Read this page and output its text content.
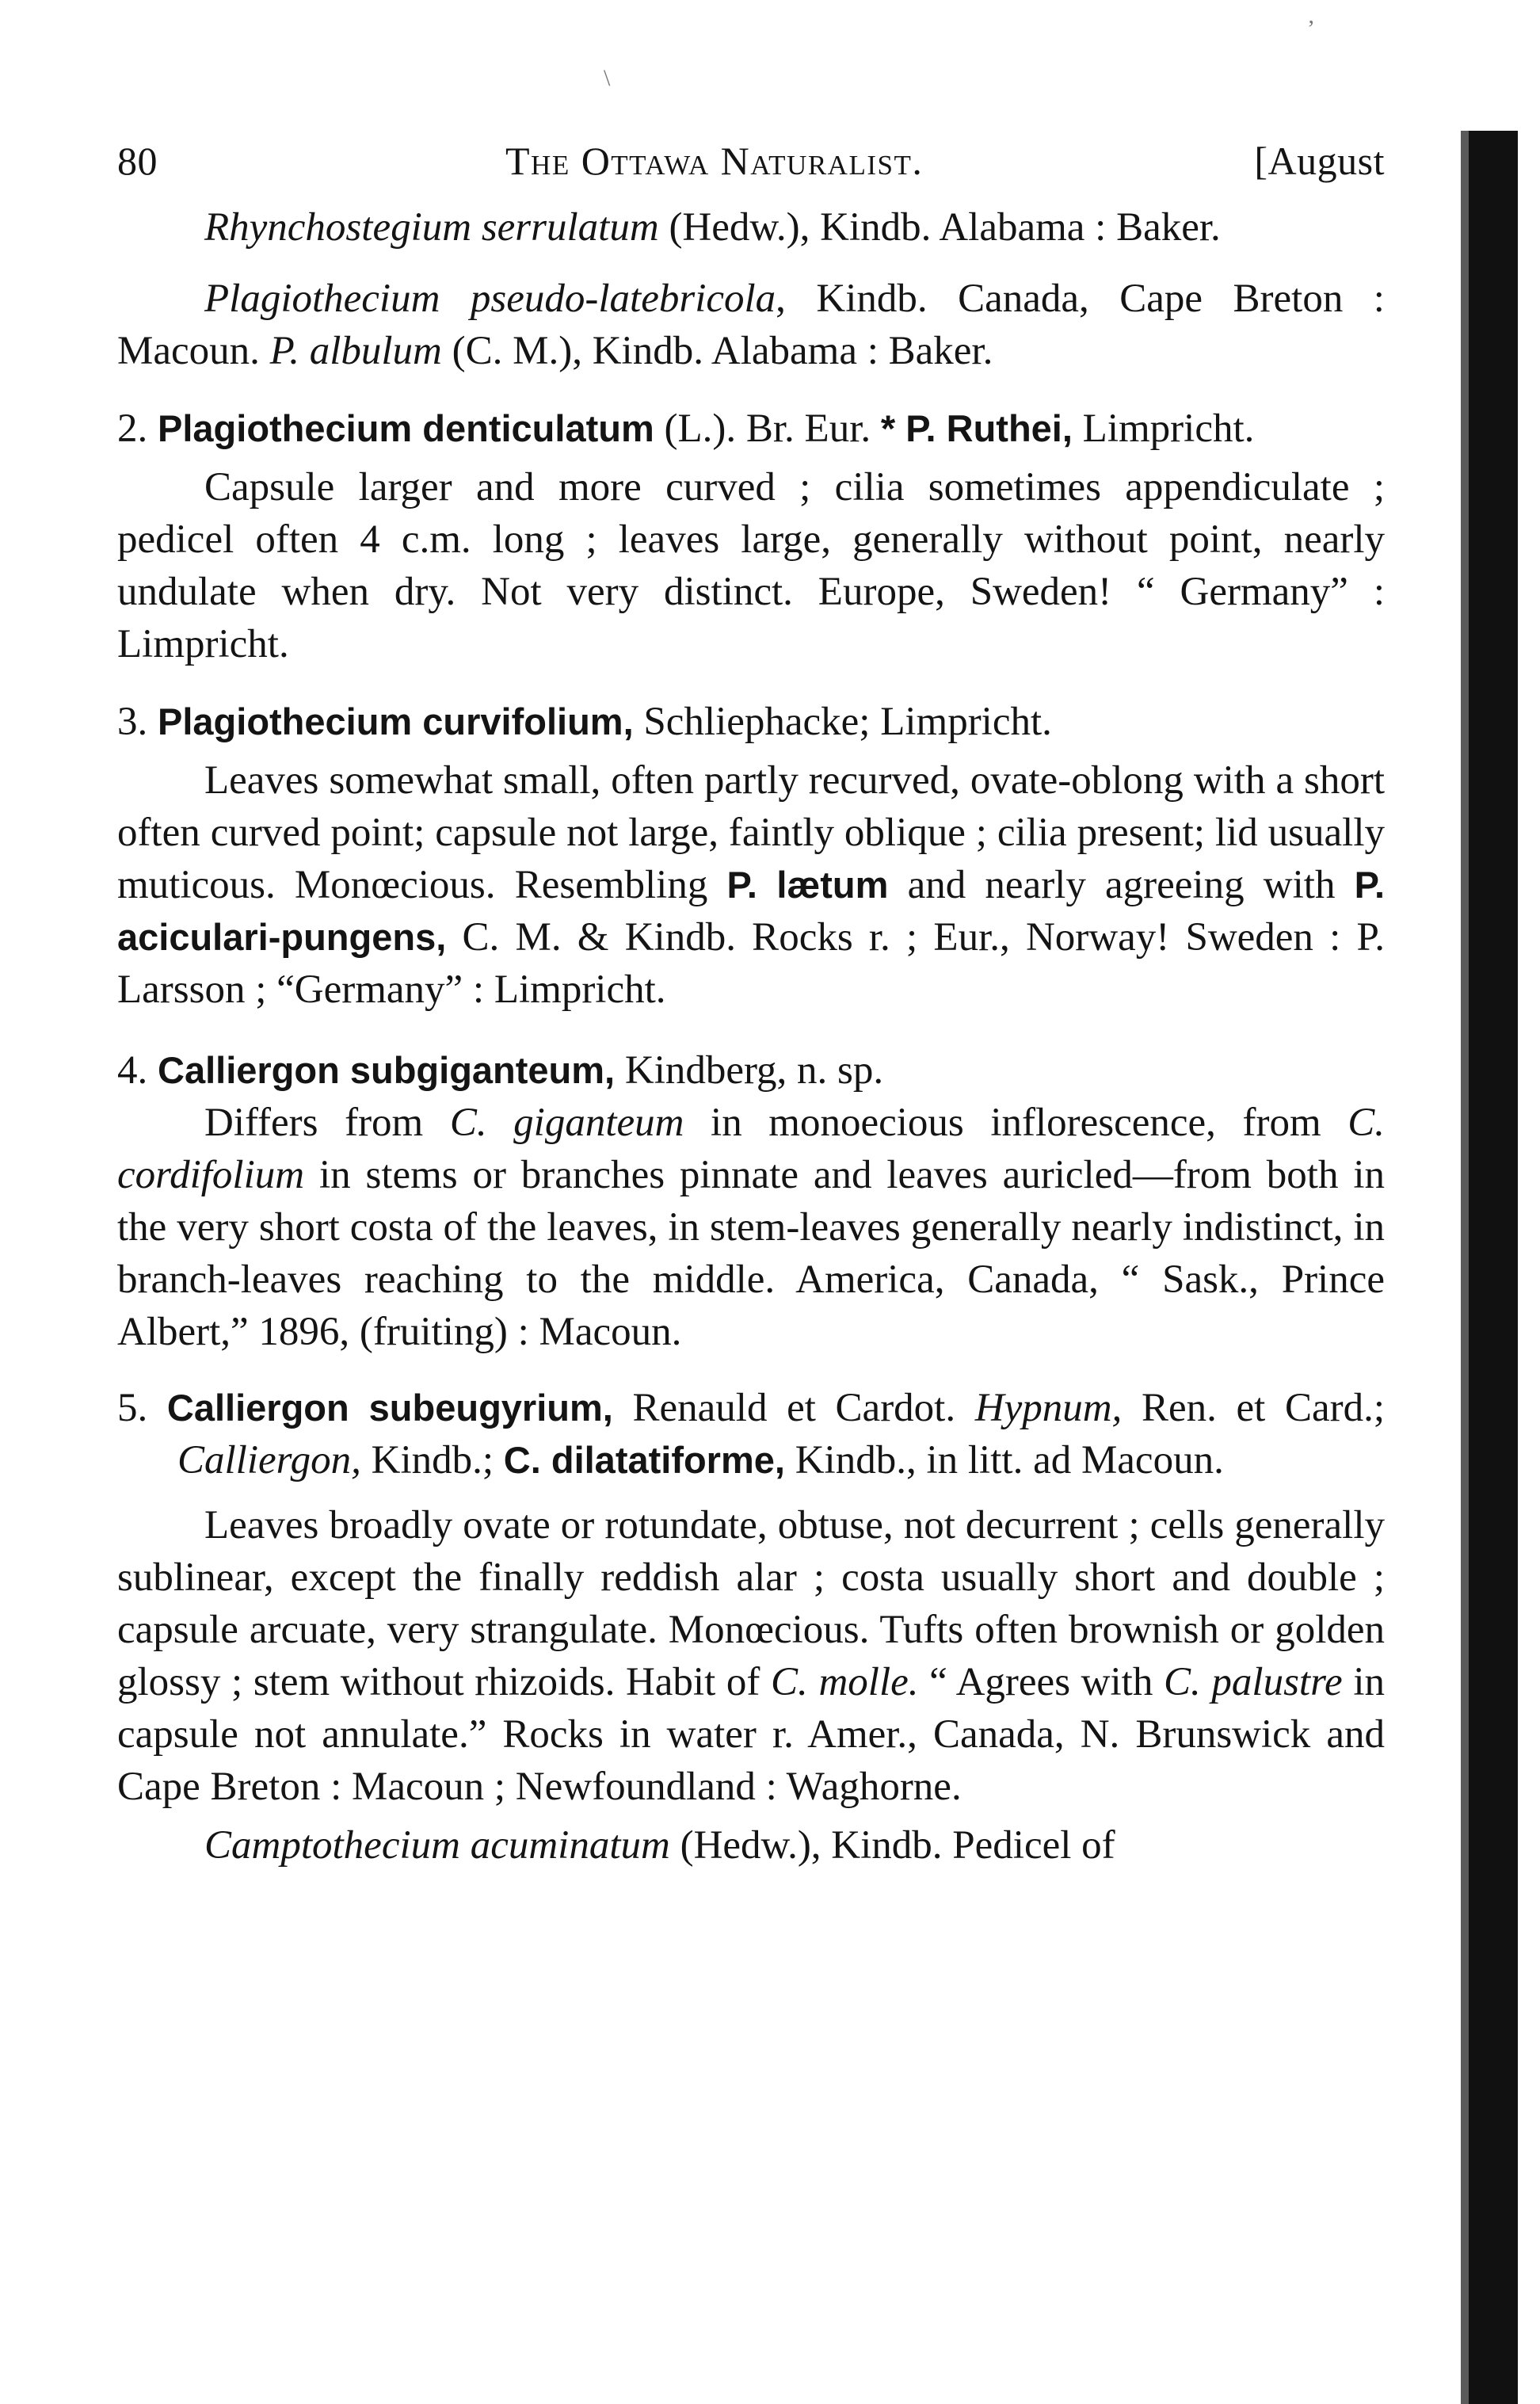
\
ʼ
80	The Ottawa Naturalist.	[August

Rhynchostegium serrulatum (Hedw.), Kindb. Alabama : Baker.

Plagiothecium pseudo-latebricola, Kindb. Canada, Cape Breton : Macoun. P. albulum (C. M.), Kindb. Alabama : Baker.

2. Plagiothecium denticulatum (L.). Br. Eur. * P. Ruthei, Limpricht.

Capsule larger and more curved ; cilia sometimes appendiculate ; pedicel often 4 c.m. long ; leaves large, generally without point, nearly undulate when dry. Not very distinct. Europe, Sweden! “ Germany” : Limpricht.

3. Plagiothecium curvifolium, Schliephacke; Limpricht.

Leaves somewhat small, often partly recurved, ovate-oblong with a short often curved point; capsule not large, faintly oblique ; cilia present; lid usually muticous. Monœcious. Resembling P. lætum and nearly agreeing with P. aciculari-pungens, C. M. & Kindb. Rocks r. ; Eur., Norway! Sweden : P. Larsson ; “Germany” : Limpricht.

4. Calliergon subgiganteum, Kindberg, n. sp.

Differs from C. giganteum in monoecious inflorescence, from C. cordifolium in stems or branches pinnate and leaves auricled—from both in the very short costa of the leaves, in stem-leaves generally nearly indistinct, in branch-leaves reaching to the middle. America, Canada, “ Sask., Prince Albert,” 1896, (fruiting) : Macoun.

5. Calliergon subeugyrium, Renauld et Cardot. Hypnum, Ren. et Card.; Calliergon, Kindb.; C. dilatatiforme, Kindb., in litt. ad Macoun.

Leaves broadly ovate or rotundate, obtuse, not decurrent ; cells generally sublinear, except the finally reddish alar ; costa usually short and double ; capsule arcuate, very strangulate. Monœcious. Tufts often brownish or golden glossy ; stem without rhizoids. Habit of C. molle. “ Agrees with C. palustre in capsule not annulate.” Rocks in water r. Amer., Canada, N. Brunswick and Cape Breton : Macoun ; Newfoundland : Waghorne.

Camptothecium acuminatum (Hedw.), Kindb. Pedicel of
